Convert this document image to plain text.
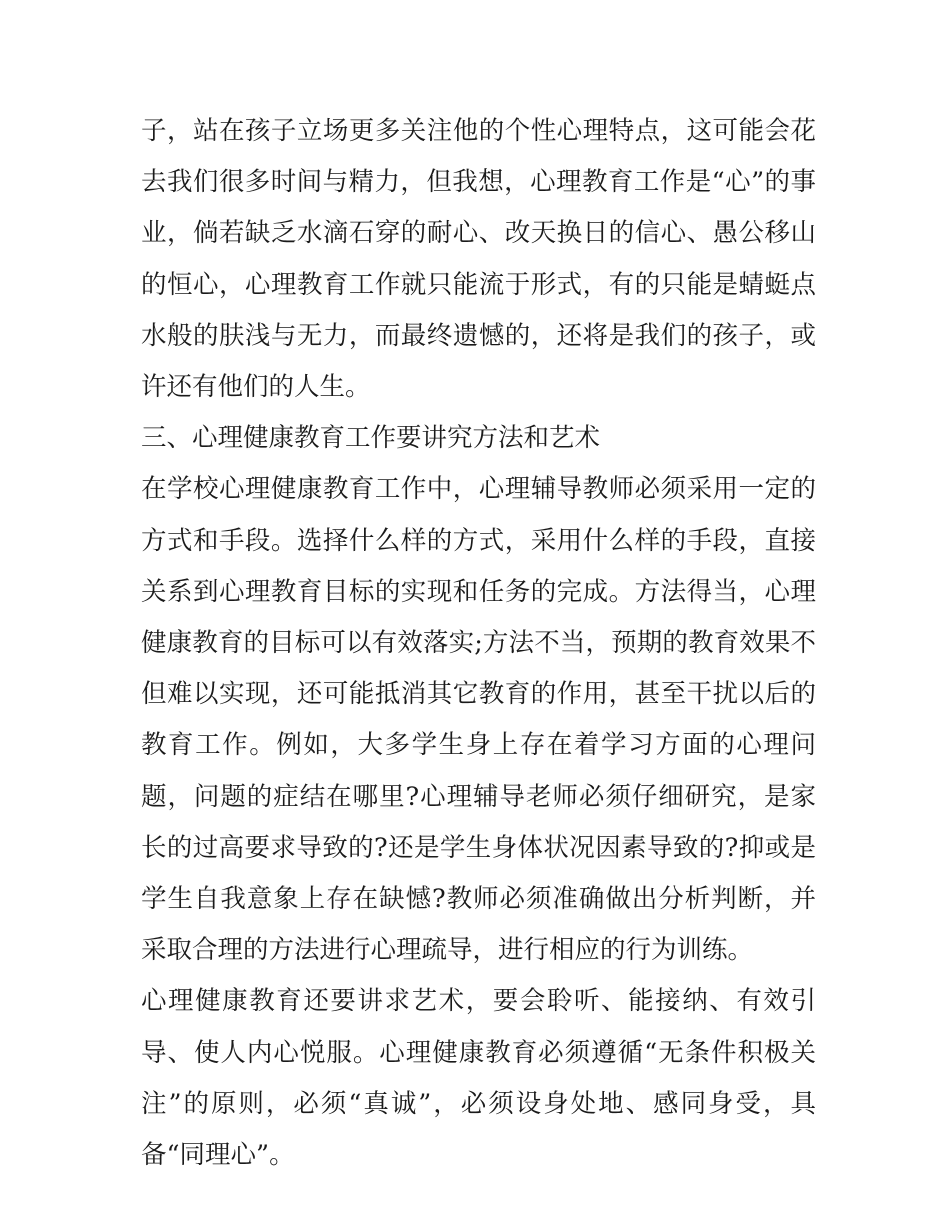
子，站在孩子立场更多关注他的个性心理特点，这可能会花去我们很多时间与精力，但我想，心理教育工作是“心”的事业，倘若缺乏水滴石穿的耐心、改天换日的信心、愚公移山的恒心，心理教育工作就只能流于形式，有的只能是蜻蜓点水般的肤浅与无力，而最终遗憾的，还将是我们的孩子，或许还有他们的人生。

三、心理健康教育工作要讲究方法和艺术

在学校心理健康教育工作中，心理辅导教师必须采用一定的方式和手段。选择什么样的方式，采用什么样的手段，直接关系到心理教育目标的实现和任务的完成。方法得当，心理健康教育的目标可以有效落实;方法不当，预期的教育效果不但难以实现，还可能抵消其它教育的作用，甚至干扰以后的教育工作。例如，大多学生身上存在着学习方面的心理问题，问题的症结在哪里?心理辅导老师必须仔细研究，是家长的过高要求导致的?还是学生身体状况因素导致的?抑或是学生自我意象上存在缺憾?教师必须准确做出分析判断，并采取合理的方法进行心理疏导，进行相应的行为训练。

心理健康教育还要讲求艺术，要会聆听、能接纳、有效引导、使人内心悦服。心理健康教育必须遵循“无条件积极关注”的原则，必须“真诚”，必须设身处地、感同身受，具备“同理心”。
